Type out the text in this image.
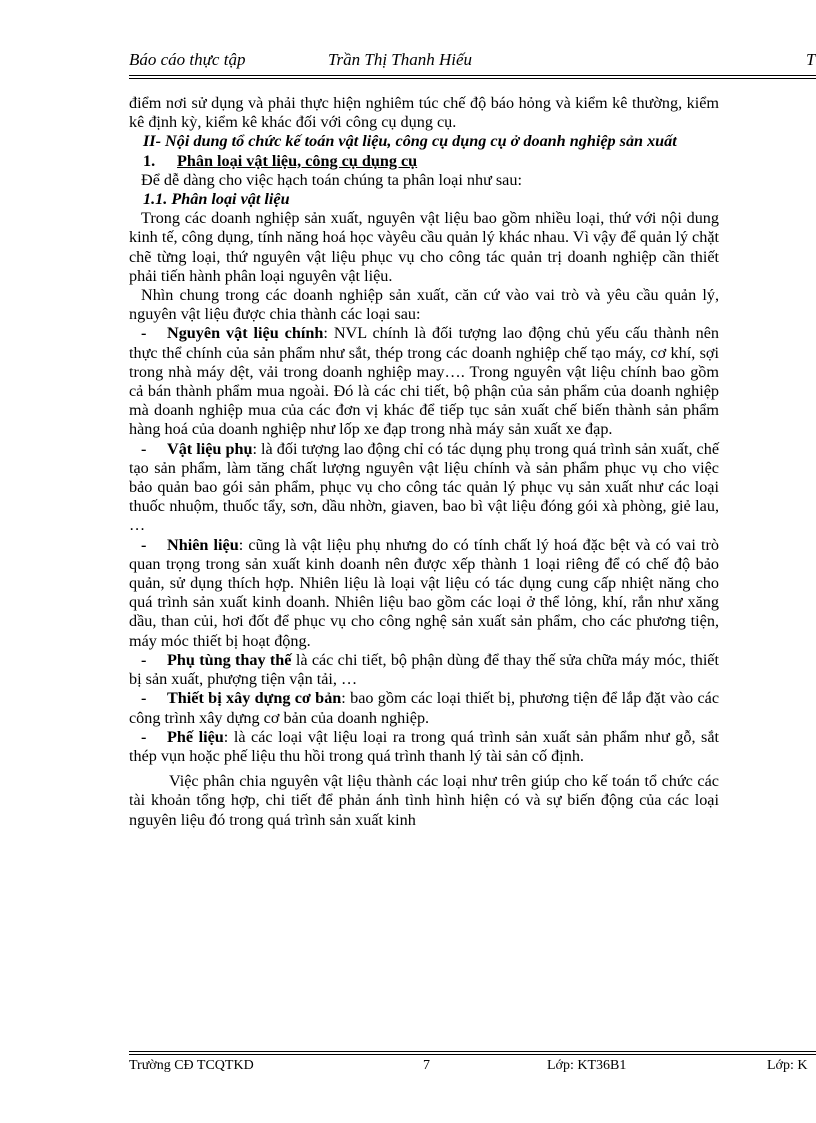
Báo cáo thực tập	Trần Thị Thanh Hiếu	T

điểm nơi sử dụng và phải thực hiện nghiêm túc chế độ báo hỏng và kiểm kê thường, kiểm kê định kỳ, kiểm kê khác đối với công cụ dụng cụ.

II- Nội dung tổ chức kế toán vật liệu, công cụ dụng cụ ở doanh nghiệp sản xuất

1. Phân loại vật liệu, công cụ dụng cụ

Để dễ dàng cho việc hạch toán chúng ta phân loại như sau:

1.1. Phân loại vật liệu

Trong các doanh nghiệp sản xuất, nguyên vật liệu bao gồm nhiều loại, thứ với nội dung kinh tế, công dụng, tính năng hoá học vàyêu cầu quản lý khác nhau. Vì vậy để quản lý chặt chẽ từng loại, thứ nguyên vật liệu phục vụ cho công tác quản trị doanh nghiệp cần thiết phải tiến hành phân loại nguyên vật liệu.

Nhìn chung trong các doanh nghiệp sản xuất, căn cứ vào vai trò và yêu cầu quản lý, nguyên vật liệu được chia thành các loại sau:

- Nguyên vật liệu chính: NVL chính là đối tượng lao động chủ yếu cấu thành nên thực thể chính của sản phẩm như sắt, thép trong các doanh nghiệp chế tạo máy, cơ khí, sợi trong nhà máy dệt, vải trong doanh nghiệp may…. Trong nguyên vật liệu chính bao gồm cả bán thành phẩm mua ngoài. Đó là các chi tiết, bộ phận của sản phẩm của doanh nghiệp mà doanh nghiệp mua của các đơn vị khác để tiếp tục sản xuất chế biến thành sản phẩm hàng hoá của doanh nghiệp như lốp xe đạp trong nhà máy sản xuất xe đạp.

- Vật liệu phụ: là đối tượng lao động chỉ có tác dụng phụ trong quá trình sản xuất, chế tạo sản phẩm, làm tăng chất lượng nguyên vật liệu chính và sản phẩm phục vụ cho việc bảo quản bao gói sản phẩm, phục vụ cho công tác quản lý phục vụ sản xuất như các loại thuốc nhuộm, thuốc tẩy, sơn, dầu nhờn, giaven, bao bì vật liệu đóng gói xà phòng, giẻ lau, …

- Nhiên liệu: cũng là vật liệu phụ nhưng do có tính chất lý hoá đặc bệt và có vai trò quan trọng trong sản xuất kinh doanh nên được xếp thành 1 loại riêng để có chế độ bảo quản, sử dụng thích hợp. Nhiên liệu là loại vật liệu có tác dụng cung cấp nhiệt năng cho quá trình sản xuất kinh doanh. Nhiên liệu bao gồm các loại ở thể lỏng, khí, rắn như xăng dầu, than củi, hơi đốt để phục vụ cho công nghệ sản xuất sản phẩm, cho các phương tiện, máy móc thiết bị hoạt động.

- Phụ tùng thay thế là các chi tiết, bộ phận dùng để thay thế sửa chữa máy móc, thiết bị sản xuất, phượng tiện vận tải, …

- Thiết bị xây dựng cơ bản: bao gồm các loại thiết bị, phương tiện để lắp đặt vào các công trình xây dựng cơ bản của doanh nghiệp.

- Phế liệu: là các loại vật liệu loại ra trong quá trình sản xuất sản phẩm như gỗ, sắt thép vụn hoặc phế liệu thu hồi trong quá trình thanh lý tài sản cố định.

Việc phân chia nguyên vật liệu thành các loại như trên giúp cho kế toán tổ chức các tài khoản tổng hợp, chi tiết để phản ánh tình hình hiện có và sự biến động của các loại nguyên liệu đó trong quá trình sản xuất kinh

Trường CĐ TCQTKD	7	Lớp: KT36B1	Lớp: K
